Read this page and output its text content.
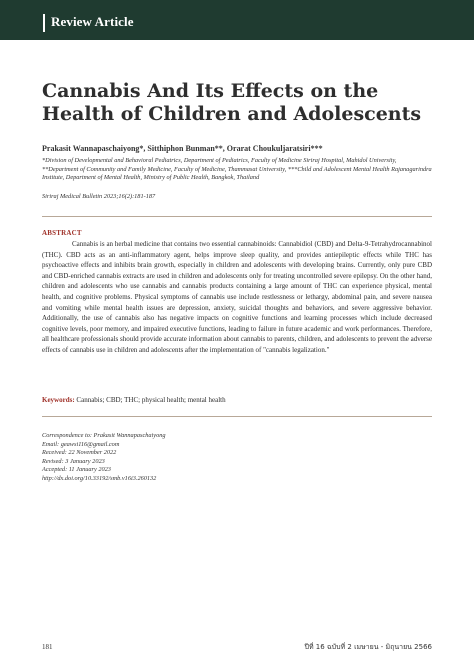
Review Article
Cannabis And Its Effects on the Health of Children and Adolescents
Prakasit Wannapaschaiyong*, Sitthiphon Bunman**, Orarat Choukuljaratsiri***
*Division of Developmental and Behavioral Pediatrics, Department of Pediatrics, Faculty of Medicine Siriraj Hospital, Mahidol University, **Department of Community and Family Medicine, Faculty of Medicine, Thammasat University, ***Child and Adolescent Mental Health Rajanagarindra Institute, Department of Mental Health, Ministry of Public Health, Bangkok, Thailand
Siriraj Medical Bulletin 2023;16(2):181-187
ABSTRACT
Cannabis is an herbal medicine that contains two essential cannabinoids: Cannabidiol (CBD) and Delta-9-Tetrahydrocannabinol (THC). CBD acts as an anti-inflammatory agent, helps improve sleep quality, and provides antiepileptic effects while THC has psychoactive effects and inhibits brain growth, especially in children and adolescents with developing brains. Currently, only pure CBD and CBD-enriched cannabis extracts are used in children and adolescents only for treating uncontrolled severe epilepsy. On the other hand, children and adolescents who use cannabis and cannabis products containing a large amount of THC can experience physical, mental health, and cognitive problems. Physical symptoms of cannabis use include restlessness or lethargy, abdominal pain, and severe nausea and vomiting while mental health issues are depression, anxiety, suicidal thoughts and behaviors, and severe aggressive behavior. Additionally, the use of cannabis also has negative impacts on cognitive functions and learning processes which include decreased cognitive levels, poor memory, and impaired executive functions, leading to failure in future academic and work performances. Therefore, all healthcare professionals should provide accurate information about cannabis to parents, children, and adolescents to prevent the adverse effects of cannabis use in children and adolescents after the implementation of "cannabis legalization."
Keywords: Cannabis; CBD; THC; physical health; mental health
Correspondence to: Prakasit Wannapaschaiyong
Email: geawsi116@gmail.com
Received: 22 November 2022
Revised: 3 January 2023
Accepted: 11 January 2023
http://dx.doi.org/10.33192/smb.v16i3.260132
181	ปีที่ 16 ฉบับที่ 2 เมษายน - มิถุนายน 2566
